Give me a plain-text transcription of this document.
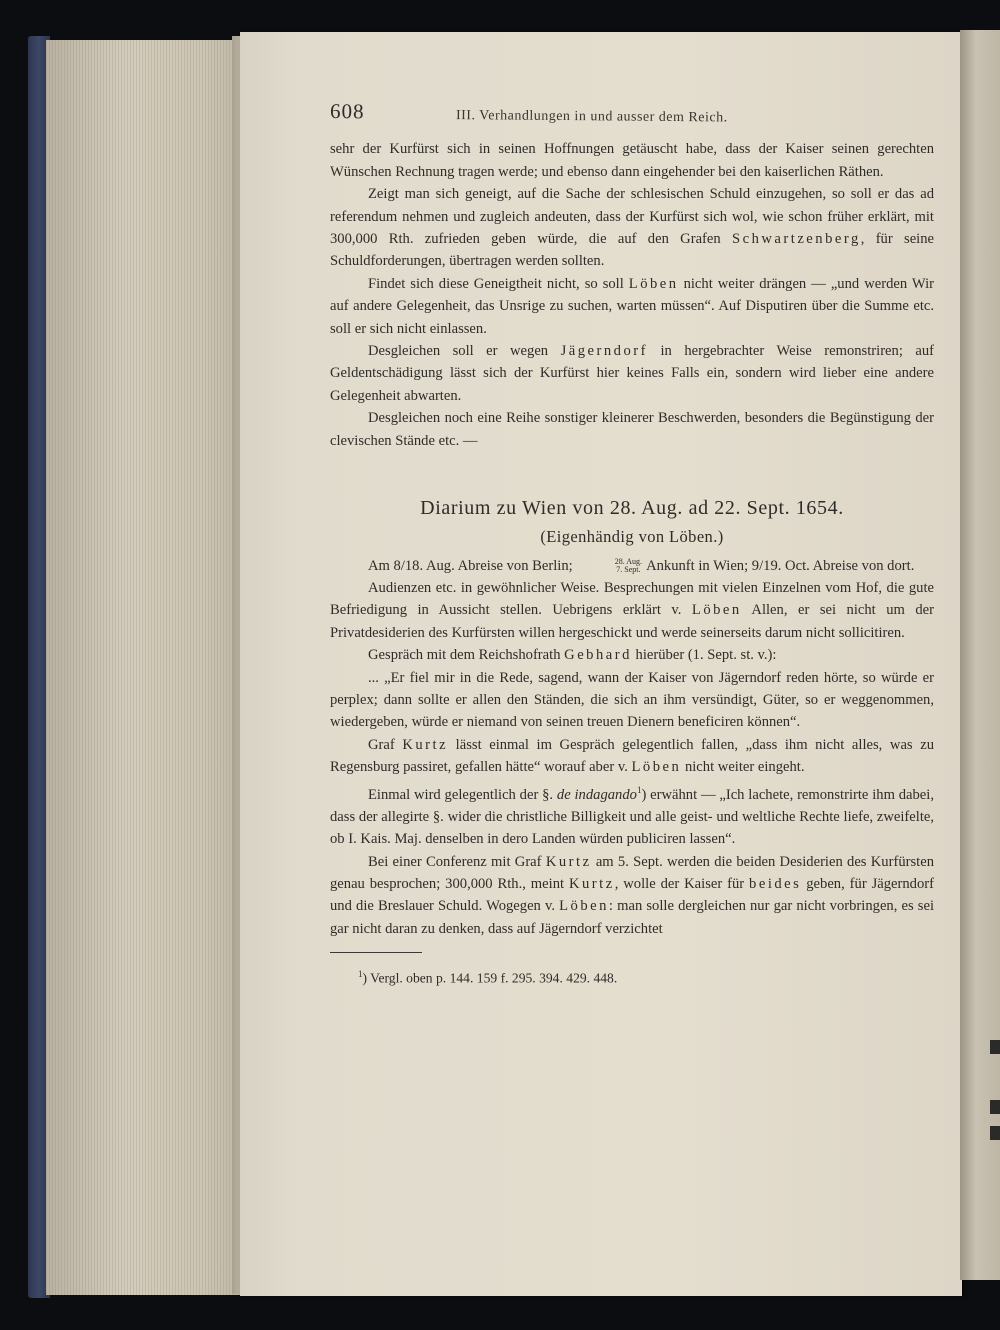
608	III. Verhandlungen in und ausser dem Reich.

sehr der Kurfürst sich in seinen Hoffnungen getäuscht habe, dass der Kaiser seinen gerechten Wünschen Rechnung tragen werde; und ebenso dann eingehender bei den kaiserlichen Räthen.

Zeigt man sich geneigt, auf die Sache der schlesischen Schuld einzugehen, so soll er das ad referendum nehmen und zugleich andeuten, dass der Kurfürst sich wol, wie schon früher erklärt, mit 300,000 Rth. zufrieden geben würde, die auf den Grafen Schwartzenberg, für seine Schuldforderungen, übertragen werden sollten.

Findet sich diese Geneigtheit nicht, so soll Löben nicht weiter drängen — „und werden Wir auf andere Gelegenheit, das Unsrige zu suchen, warten müssen“. Auf Disputiren über die Summe etc. soll er sich nicht einlassen.

Desgleichen soll er wegen Jägerndorf in hergebrachter Weise remonstriren; auf Geldentschädigung lässt sich der Kurfürst hier keines Falls ein, sondern wird lieber eine andere Gelegenheit abwarten.

Desgleichen noch eine Reihe sonstiger kleinerer Beschwerden, besonders die Begünstigung der clevischen Stände etc. —

Diarium zu Wien von 28. Aug. ad 22. Sept. 1654.
(Eigenhändig von Löben.)

Am 8/18. Aug. Abreise von Berlin;	28. Aug.
7. Sept. Ankunft in Wien; 9/19. Oct. Abreise von dort.

Audienzen etc. in gewöhnlicher Weise. Besprechungen mit vielen Einzelnen vom Hof, die gute Befriedigung in Aussicht stellen. Uebrigens erklärt v. Löben Allen, er sei nicht um der Privatdesiderien des Kurfürsten willen hergeschickt und werde seinerseits darum nicht sollicitiren.

Gespräch mit dem Reichshofrath Gebhard hierüber (1. Sept. st. v.):

... „Er fiel mir in die Rede, sagend, wann der Kaiser von Jägerndorf reden hörte, so würde er perplex; dann sollte er allen den Ständen, die sich an ihm versündigt, Güter, so er weggenommen, wiedergeben, würde er niemand von seinen treuen Dienern beneficiren können“.

Graf Kurtz lässt einmal im Gespräch gelegentlich fallen, „dass ihm nicht alles, was zu Regensburg passiret, gefallen hätte“ worauf aber v. Löben nicht weiter eingeht.

Einmal wird gelegentlich der §. de indagando$^1$) erwähnt — „Ich lachete, remonstrirte ihm dabei, dass der allegirte §. wider die christliche Billigkeit und alle geist- und weltliche Rechte liefe, zweifelte, ob I. Kais. Maj. denselben in dero Landen würden publiciren lassen“.

Bei einer Conferenz mit Graf Kurtz am 5. Sept. werden die beiden Desiderien des Kurfürsten genau besprochen; 300,000 Rth., meint Kurtz, wolle der Kaiser für beides geben, für Jägerndorf und die Breslauer Schuld. Wogegen v. Löben: man solle dergleichen nur gar nicht vorbringen, es sei gar nicht daran zu denken, dass auf Jägerndorf verzichtet

$^1$) Vergl. oben p. 144. 159 f. 295. 394. 429. 448.
